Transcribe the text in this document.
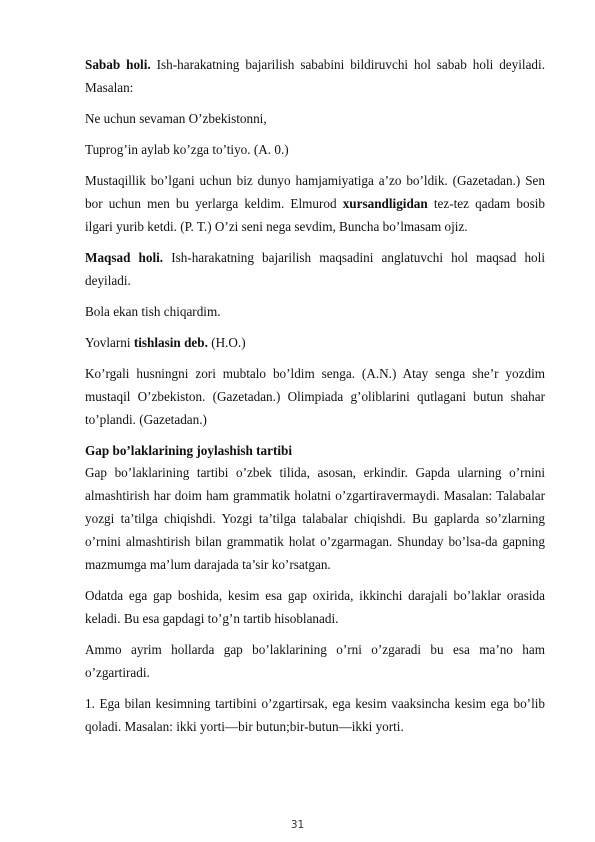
Sabab holi. Ish-harakatning bajarilish sababini bildiruvchi hol sabab holi deyiladi. Masalan:

Ne uchun sevaman O’zbekistonni,

Tuprog’in aylab ko’zga to’tiyo. (A. 0.)

Mustaqillik bo’lgani uchun biz dunyo hamjamiyatiga a’zo bo’ldik. (Gazetadan.) Sen bor uchun men bu yerlarga keldim. Elmurod xursandligidan tez-tez qadam bosib ilgari yurib ketdi. (P. T.) O’zi seni nega sevdim, Buncha bo’lmasam ojiz.

Maqsad holi. Ish-harakatning bajarilish maqsadini anglatuvchi hol maqsad holi deyiladi.

Bola ekan tish chiqardim.

Yovlarni tishlasin deb. (H.O.)

Ko’rgali husningni zori mubtalo bo’ldim senga. (A.N.) Atay senga she’r yozdim mustaqil O’zbekiston. (Gazetadan.) Olimpiada g’oliblarini qutlagani butun shahar to’plandi. (Gazetadan.)

Gap bo’laklarining joylashish tartibi

Gap bo’laklarining tartibi o’zbek tilida, asosan, erkindir. Gapda ularning o’rnini almashtirish har doim ham grammatik holatni o’zgartiravermaydi. Masalan: Talabalar yozgi ta’tilga chiqishdi. Yozgi ta’tilga talabalar chiqishdi. Bu gaplarda so’zlarning o’rnini almashtirish bilan grammatik holat o’zgarmagan. Shunday bo’lsa-da gapning mazmumga ma’lum darajada ta’sir ko’rsatgan.

Odatda ega gap boshida, kesim esa gap oxirida, ikkinchi darajali bo’laklar orasida keladi. Bu esa gapdagi to’g’n tartib hisoblanadi.

Ammo ayrim hollarda gap bo’laklarining o’rni o’zgaradi bu esa ma’no ham o’zgartiradi.

1. Ega bilan kesimning tartibini o’zgartirsak, ega kesim vaaksincha kesim ega bo’lib qoladi. Masalan: ikki yorti—bir butun;bir-butun—ikki yorti.

31
